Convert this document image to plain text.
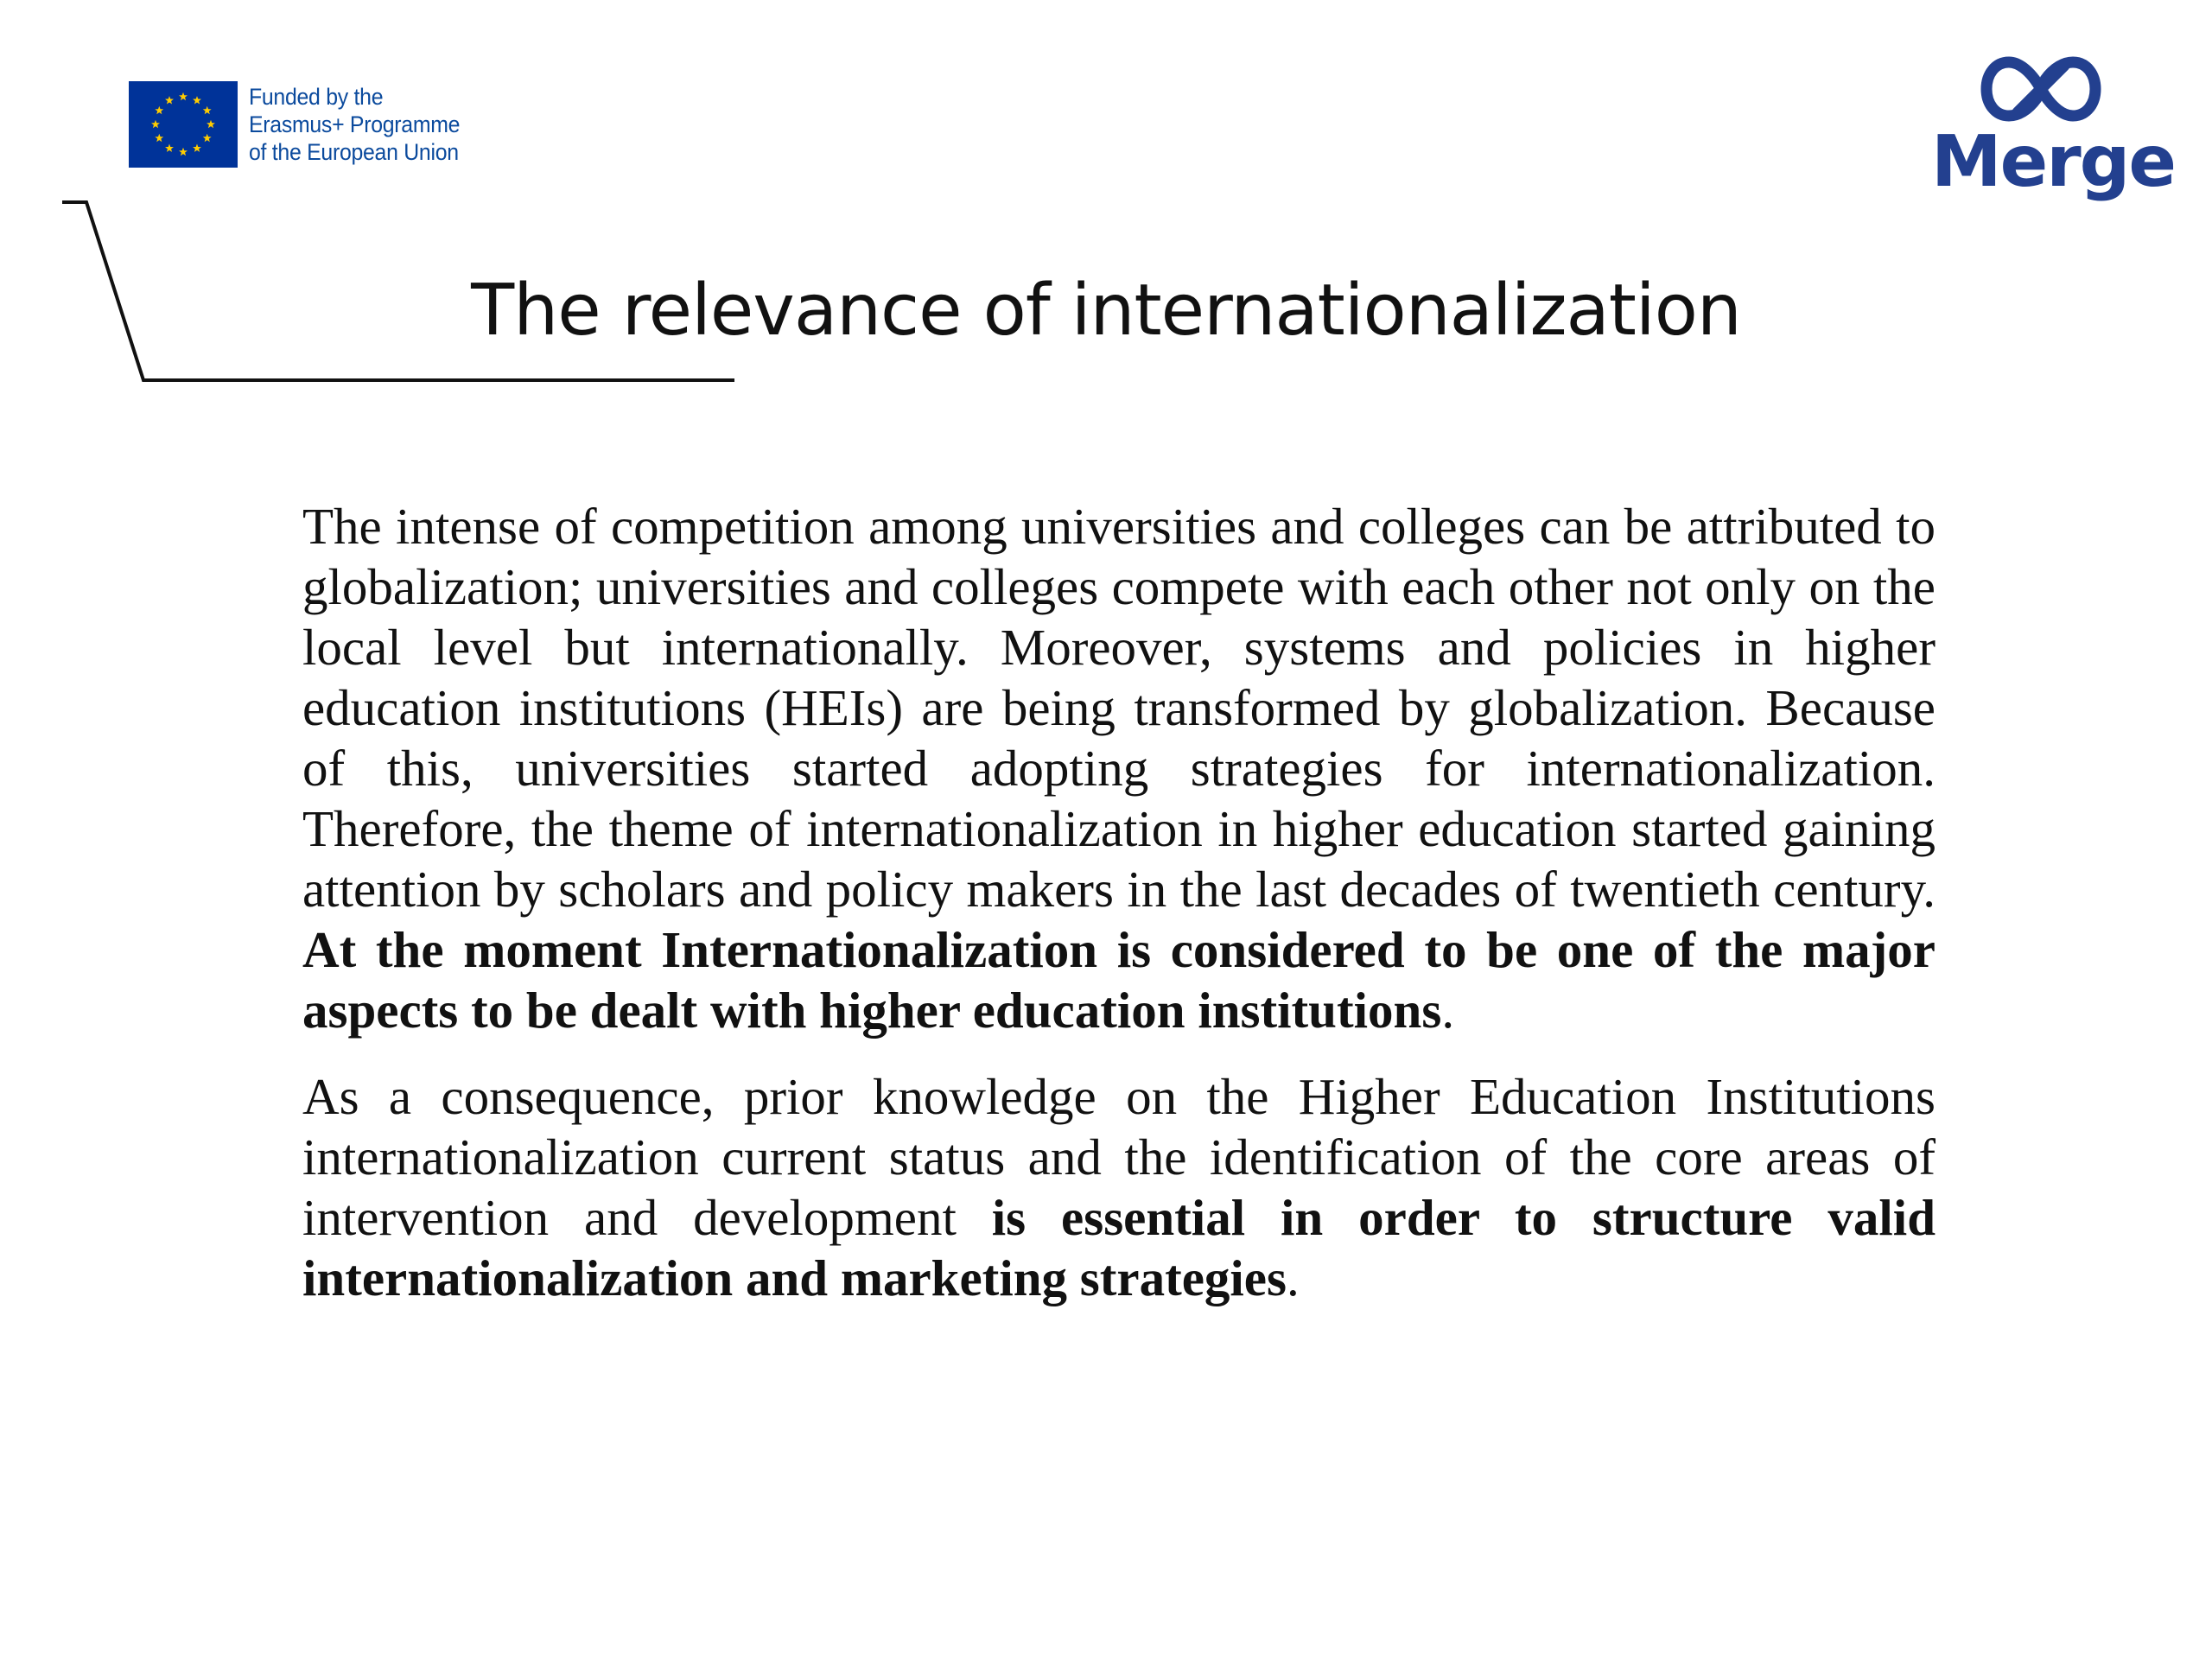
Funded by the
Erasmus+ Programme
of the European Union	Merge
The relevance of internationalization

The intense of competition among universities and colleges can be attributed to globalization; universities and colleges compete with each other not only on the local level but internationally. Moreover, systems and policies in higher education institutions (HEIs) are being transformed by globalization. Because of this, universities started adopting strategies for internationalization. Therefore, the theme of internationalization in higher education started gaining attention by scholars and policy makers in the last decades of twentieth century. At the moment Internationalization is considered to be one of the major aspects to be dealt with higher education institutions.

As a consequence, prior knowledge on the Higher Education Institutions internationalization current status and the identification of the core areas of intervention and development is essential in order to structure valid internationalization and marketing strategies.
